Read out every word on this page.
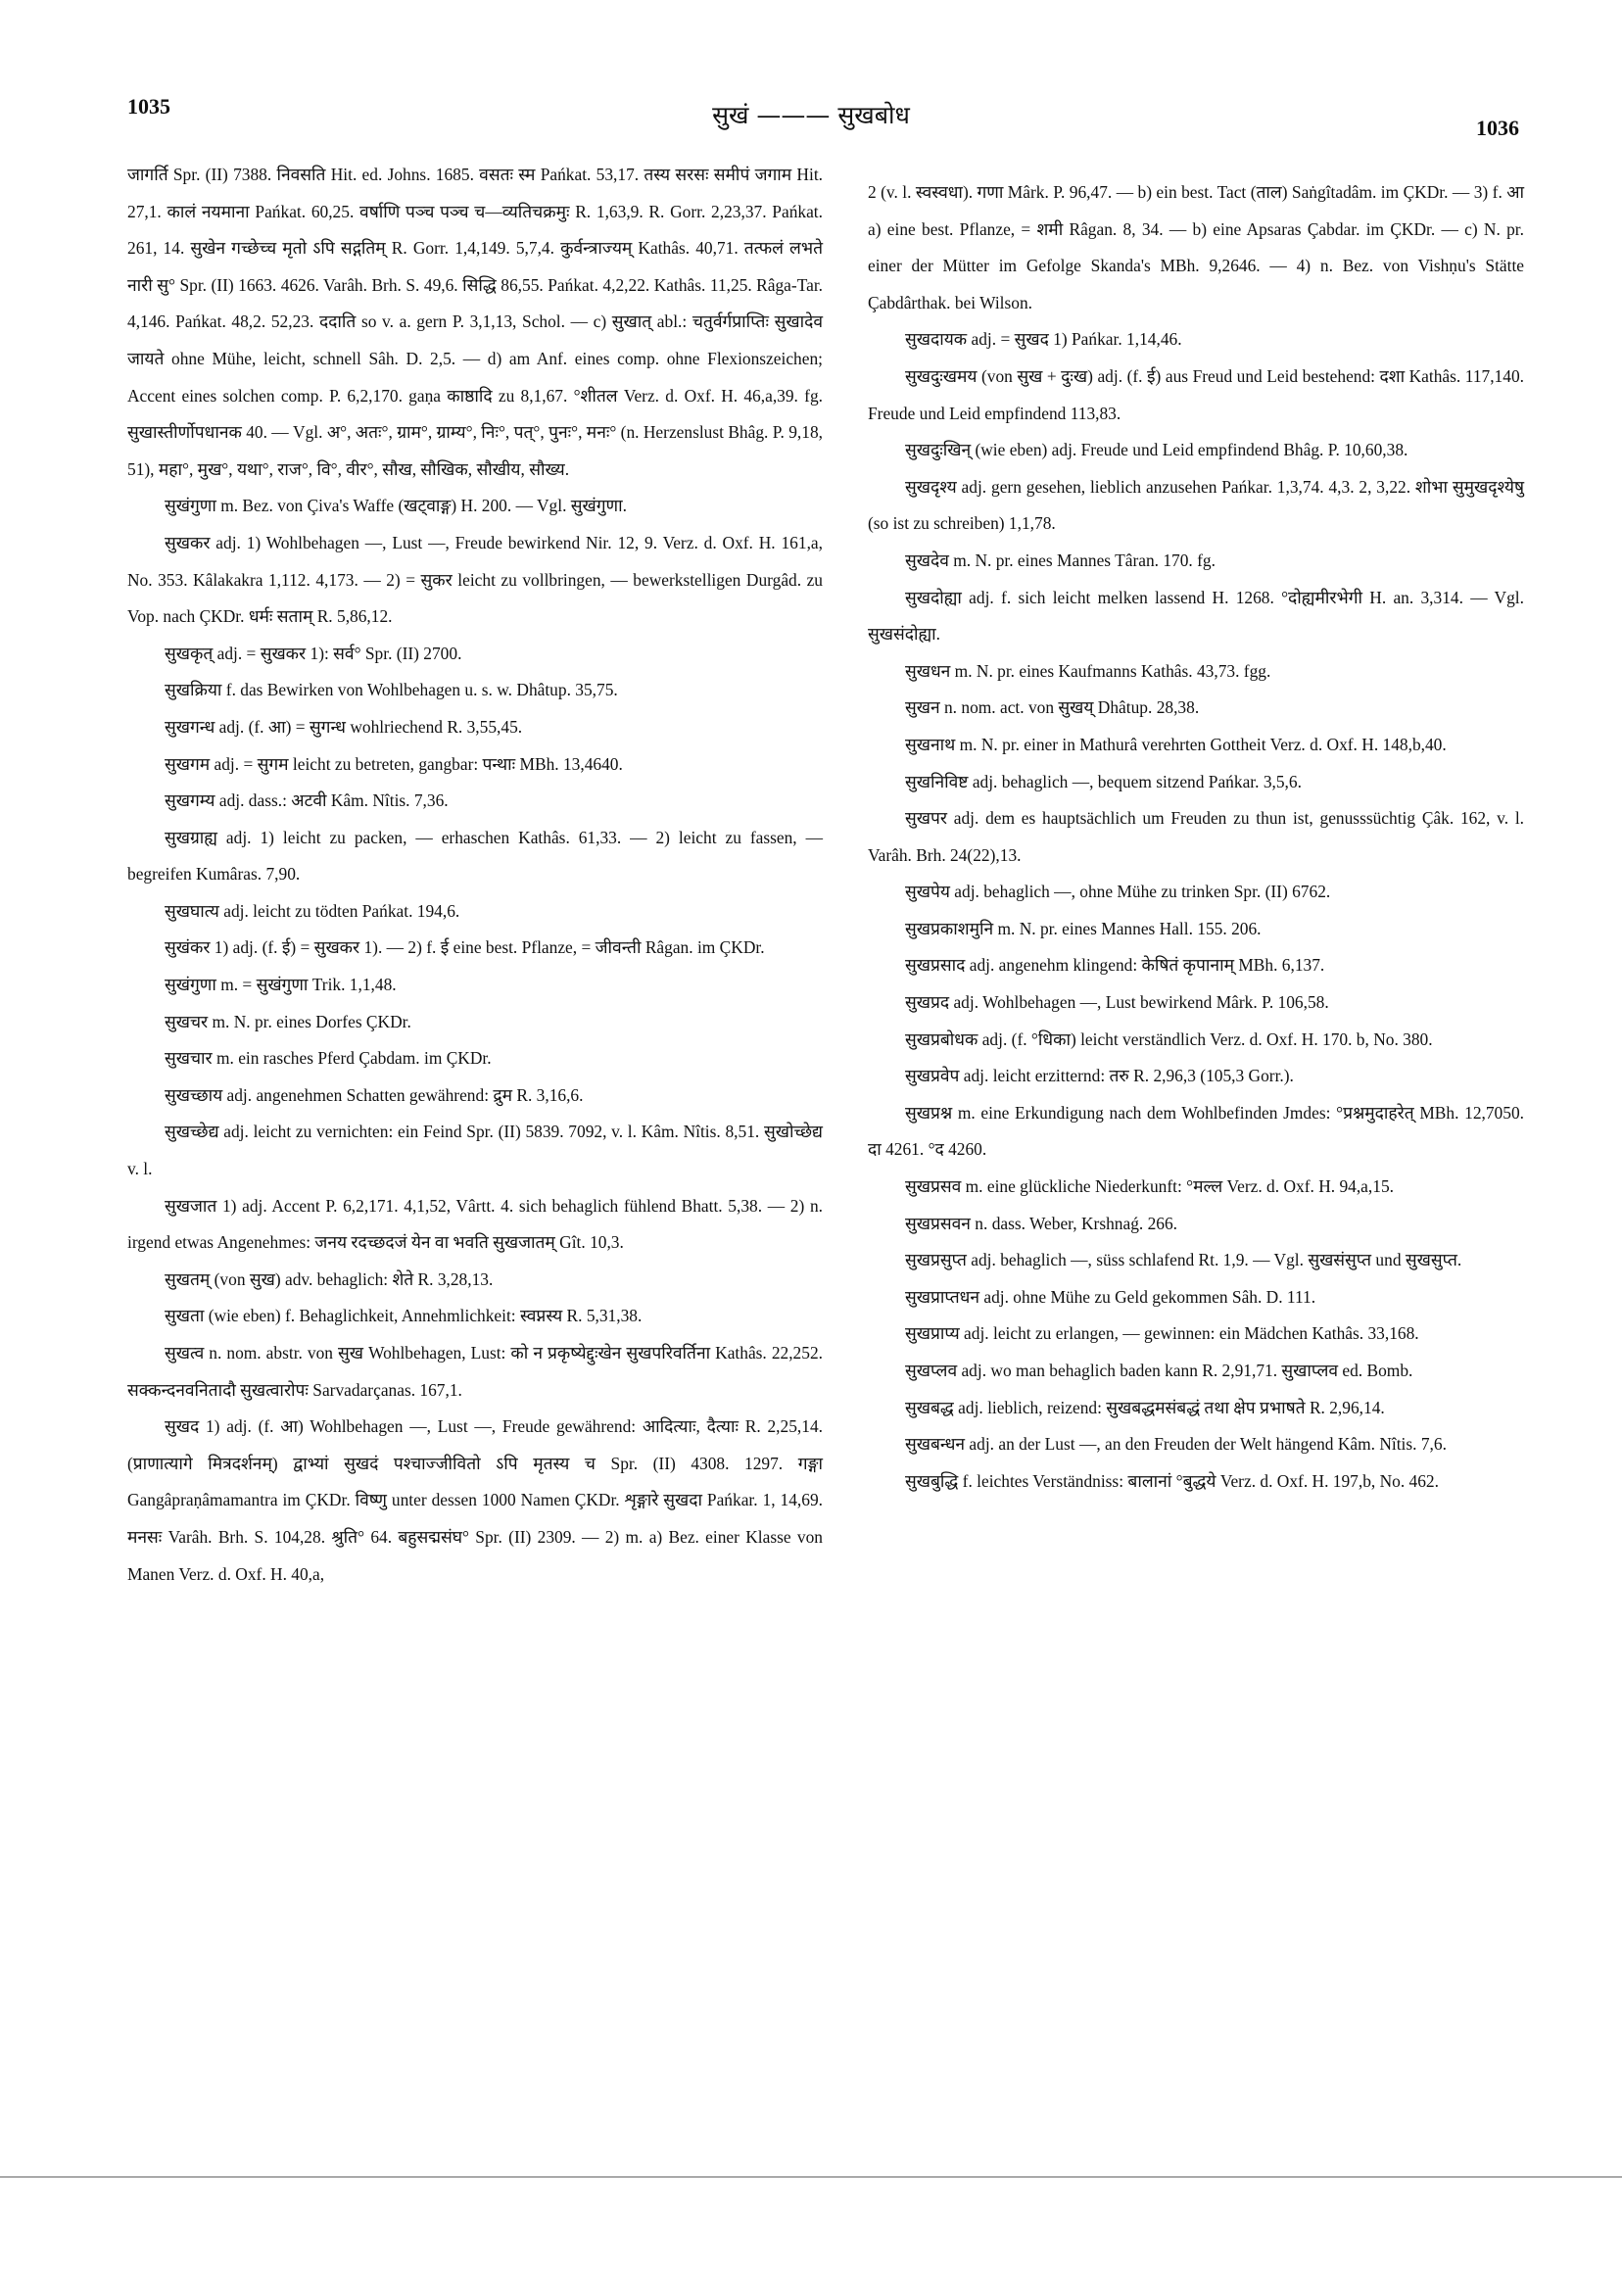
1035	सुखं ——— सुखबोध	1036

जागर्ति Spr. (II) 7388. निवसति Hit. ed. Johns. 1685. वसतः स्म Pańkat. 53,17. तस्य सरसः समीपं जगाम Hit. 27,1. कालं नयमाना Pańkat. 60,25. वर्षाणि पञ्च पञ्च च—व्यतिचक्रमुः R. 1,63,9. R. Gorr. 2,23,37. Pańkat. 261, 14. सुखेन गच्छेच्च मृतो ऽपि सद्गतिम् R. Gorr. 1,4,149. 5,7,4. कुर्वन्त्राज्यम् Kathâs. 40,71. तत्फलं लभते नारी सु° Spr. (II) 1663. 4626. Varâh. Brh. S. 49,6. सिद्धि 86,55. Pańkat. 4,2,22. Kathâs. 11,25. Râga-Tar. 4,146. Pańkat. 48,2. 52,23. ददाति so v. a. gern P. 3,1,13, Schol. — c) सुखात् abl.: चतुर्वर्गप्राप्तिः सुखादेव जायते ohne Mühe, leicht, schnell Sâh. D. 2,5. — d) am Anf. eines comp. ohne Flexionszeichen; Accent eines solchen comp. P. 6,2,170. gaṇa काष्ठादि zu 8,1,67. °शीतल Verz. d. Oxf. H. 46,a,39. fg. सुखास्तीर्णोपधानक 40. — Vgl. अ°, अतः°, ग्राम°, ग्राम्य°, निः°, पत्°, पुनः°, मनः° (n. Herzenslust Bhâg. P. 9,18, 51), महा°, मुख°, यथा°, राज°, वि°, वीर°, सौख, सौखिक, सौखीय, सौख्य.

सुखंगुणा m. Bez. von Çiva's Waffe (खट्वाङ्ग) H. 200. — Vgl. सुखंगुणा.

सुखकर adj. 1) Wohlbehagen —, Lust —, Freude bewirkend Nir. 12, 9. Verz. d. Oxf. H. 161,a, No. 353. Kâlakakra 1,112. 4,173. — 2) = सुकर leicht zu vollbringen, — bewerkstelligen Durgâd. zu Vop. nach ÇKDr. धर्मः सताम् R. 5,86,12.

सुखकृत् adj. = सुखकर 1): सर्व° Spr. (II) 2700.

सुखक्रिया f. das Bewirken von Wohlbehagen u. s. w. Dhâtup. 35,75.

सुखगन्ध adj. (f. आ) = सुगन्ध wohlriechend R. 3,55,45.

सुखगम adj. = सुगम leicht zu betreten, gangbar: पन्थाः MBh. 13,4640.

सुखगम्य adj. dass.: अटवी Kâm. Nîtis. 7,36.

सुखग्राह्य adj. 1) leicht zu packen, — erhaschen Kathâs. 61,33. — 2) leicht zu fassen, — begreifen Kumâras. 7,90.

सुखघात्य adj. leicht zu tödten Pańkat. 194,6.

सुखंकर 1) adj. (f. ई) = सुखकर 1). — 2) f. ई eine best. Pflanze, = जीवन्ती Râgan. im ÇKDr.

सुखंगुणा m. = सुखंगुणा Trik. 1,1,48.

सुखचर m. N. pr. eines Dorfes ÇKDr.

सुखचार m. ein rasches Pferd Çabdam. im ÇKDr.

सुखच्छाय adj. angenehmen Schatten gewährend: द्रुम R. 3,16,6.

सुखच्छेद्य adj. leicht zu vernichten: ein Feind Spr. (II) 5839. 7092, v. l. Kâm. Nîtis. 8,51. सुखोच्छेद्य v. l.

सुखजात 1) adj. Accent P. 6,2,171. 4,1,52, Vârtt. 4. sich behaglich fühlend Bhatt. 5,38. — 2) n. irgend etwas Angenehmes: जनय रदच्छदजं येन वा भवति सुखजातम् Gît. 10,3.

सुखतम् (von सुख) adv. behaglich: शेते R. 3,28,13.

सुखता (wie eben) f. Behaglichkeit, Annehmlichkeit: स्वप्नस्य R. 5,31,38.

सुखत्व n. nom. abstr. von सुख Wohlbehagen, Lust: को न प्रकृष्येद्दुःखेन सुखपरिवर्तिना Kathâs. 22,252. सक्कन्दनवनितादौ सुखत्वारोपः Sarvadarçanas. 167,1.

सुखद 1) adj. (f. आ) Wohlbehagen —, Lust —, Freude gewährend: आदित्याः, दैत्याः R. 2,25,14. (प्राणात्यागे मित्रदर्शनम्) द्वाभ्यां सुखदं पश्चाज्जीवितो ऽपि मृतस्य च Spr. (II) 4308. 1297. गङ्गा Gangâpraṇâmamantra im ÇKDr. विष्णु unter dessen 1000 Namen ÇKDr. शृङ्गारे सुखदा Pańkar. 1, 14,69. मनसः Varâh. Brh. S. 104,28. श्रुति° 64. बहुसद्मसंघ° Spr. (II) 2309. — 2) m. a) Bez. einer Klasse von Manen Verz. d. Oxf. H. 40,a,

2 (v. l. स्वस्वधा). गणा Mârk. P. 96,47. — b) ein best. Tact (ताल) Saṅgîtadâm. im ÇKDr. — 3) f. आ a) eine best. Pflanze, = शमी Râgan. 8, 34. — b) eine Apsaras Çabdar. im ÇKDr. — c) N. pr. einer der Mütter im Gefolge Skanda's MBh. 9,2646. — 4) n. Bez. von Vishṇu's Stätte Çabdârthak. bei Wilson.

सुखदायक adj. = सुखद 1) Pańkar. 1,14,46.

सुखदुःखमय (von सुख + दुःख) adj. (f. ई) aus Freud und Leid bestehend: दशा Kathâs. 117,140. Freude und Leid empfindend 113,83.

सुखदुःखिन् (wie eben) adj. Freude und Leid empfindend Bhâg. P. 10,60,38.

सुखदृश्य adj. gern gesehen, lieblich anzusehen Pańkar. 1,3,74. 4,3. 2, 3,22. शोभा सुमुखदृश्येषु (so ist zu schreiben) 1,1,78.

सुखदेव m. N. pr. eines Mannes Târan. 170. fg.

सुखदोह्या adj. f. sich leicht melken lassend H. 1268. °दोह्यमीरभेगी H. an. 3,314. — Vgl. सुखसंदोह्या.

सुखधन m. N. pr. eines Kaufmanns Kathâs. 43,73. fgg.

सुखन n. nom. act. von सुखय् Dhâtup. 28,38.

सुखनाथ m. N. pr. einer in Mathurâ verehrten Gottheit Verz. d. Oxf. H. 148,b,40.

सुखनिविष्ट adj. behaglich —, bequem sitzend Pańkar. 3,5,6.

सुखपर adj. dem es hauptsächlich um Freuden zu thun ist, genusssüchtig Çâk. 162, v. l. Varâh. Brh. 24(22),13.

सुखपेय adj. behaglich —, ohne Mühe zu trinken Spr. (II) 6762.

सुखप्रकाशमुनि m. N. pr. eines Mannes Hall. 155. 206.

सुखप्रसाद adj. angenehm klingend: केषितं कृपानाम् MBh. 6,137.

सुखप्रद adj. Wohlbehagen —, Lust bewirkend Mârk. P. 106,58.

सुखप्रबोधक adj. (f. °धिका) leicht verständlich Verz. d. Oxf. H. 170. b, No. 380.

सुखप्रवेप adj. leicht erzitternd: तरु R. 2,96,3 (105,3 Gorr.).

सुखप्रश्न m. eine Erkundigung nach dem Wohlbefinden Jmdes: °प्रश्नमुदाहरेत् MBh. 12,7050. दा 4261. °द 4260.

सुखप्रसव m. eine glückliche Niederkunft: °मल्ल Verz. d. Oxf. H. 94,a,15.

सुखप्रसवन n. dass. Weber, Krshnaǵ. 266.

सुखप्रसुप्त adj. behaglich —, süss schlafend Rt. 1,9. — Vgl. सुखसंसुप्त und सुखसुप्त.

सुखप्राप्तधन adj. ohne Mühe zu Geld gekommen Sâh. D. 111.

सुखप्राप्य adj. leicht zu erlangen, — gewinnen: ein Mädchen Kathâs. 33,168.

सुखप्लव adj. wo man behaglich baden kann R. 2,91,71. सुखाप्लव ed. Bomb.

सुखबद्ध adj. lieblich, reizend: सुखबद्धमसंबद्धं तथा क्षेप प्रभाषते R. 2,96,14.

सुखबन्धन adj. an der Lust —, an den Freuden der Welt hängend Kâm. Nîtis. 7,6.

सुखबुद्धि f. leichtes Verständniss: बालानां °बुद्धये Verz. d. Oxf. H. 197,b, No. 462.
